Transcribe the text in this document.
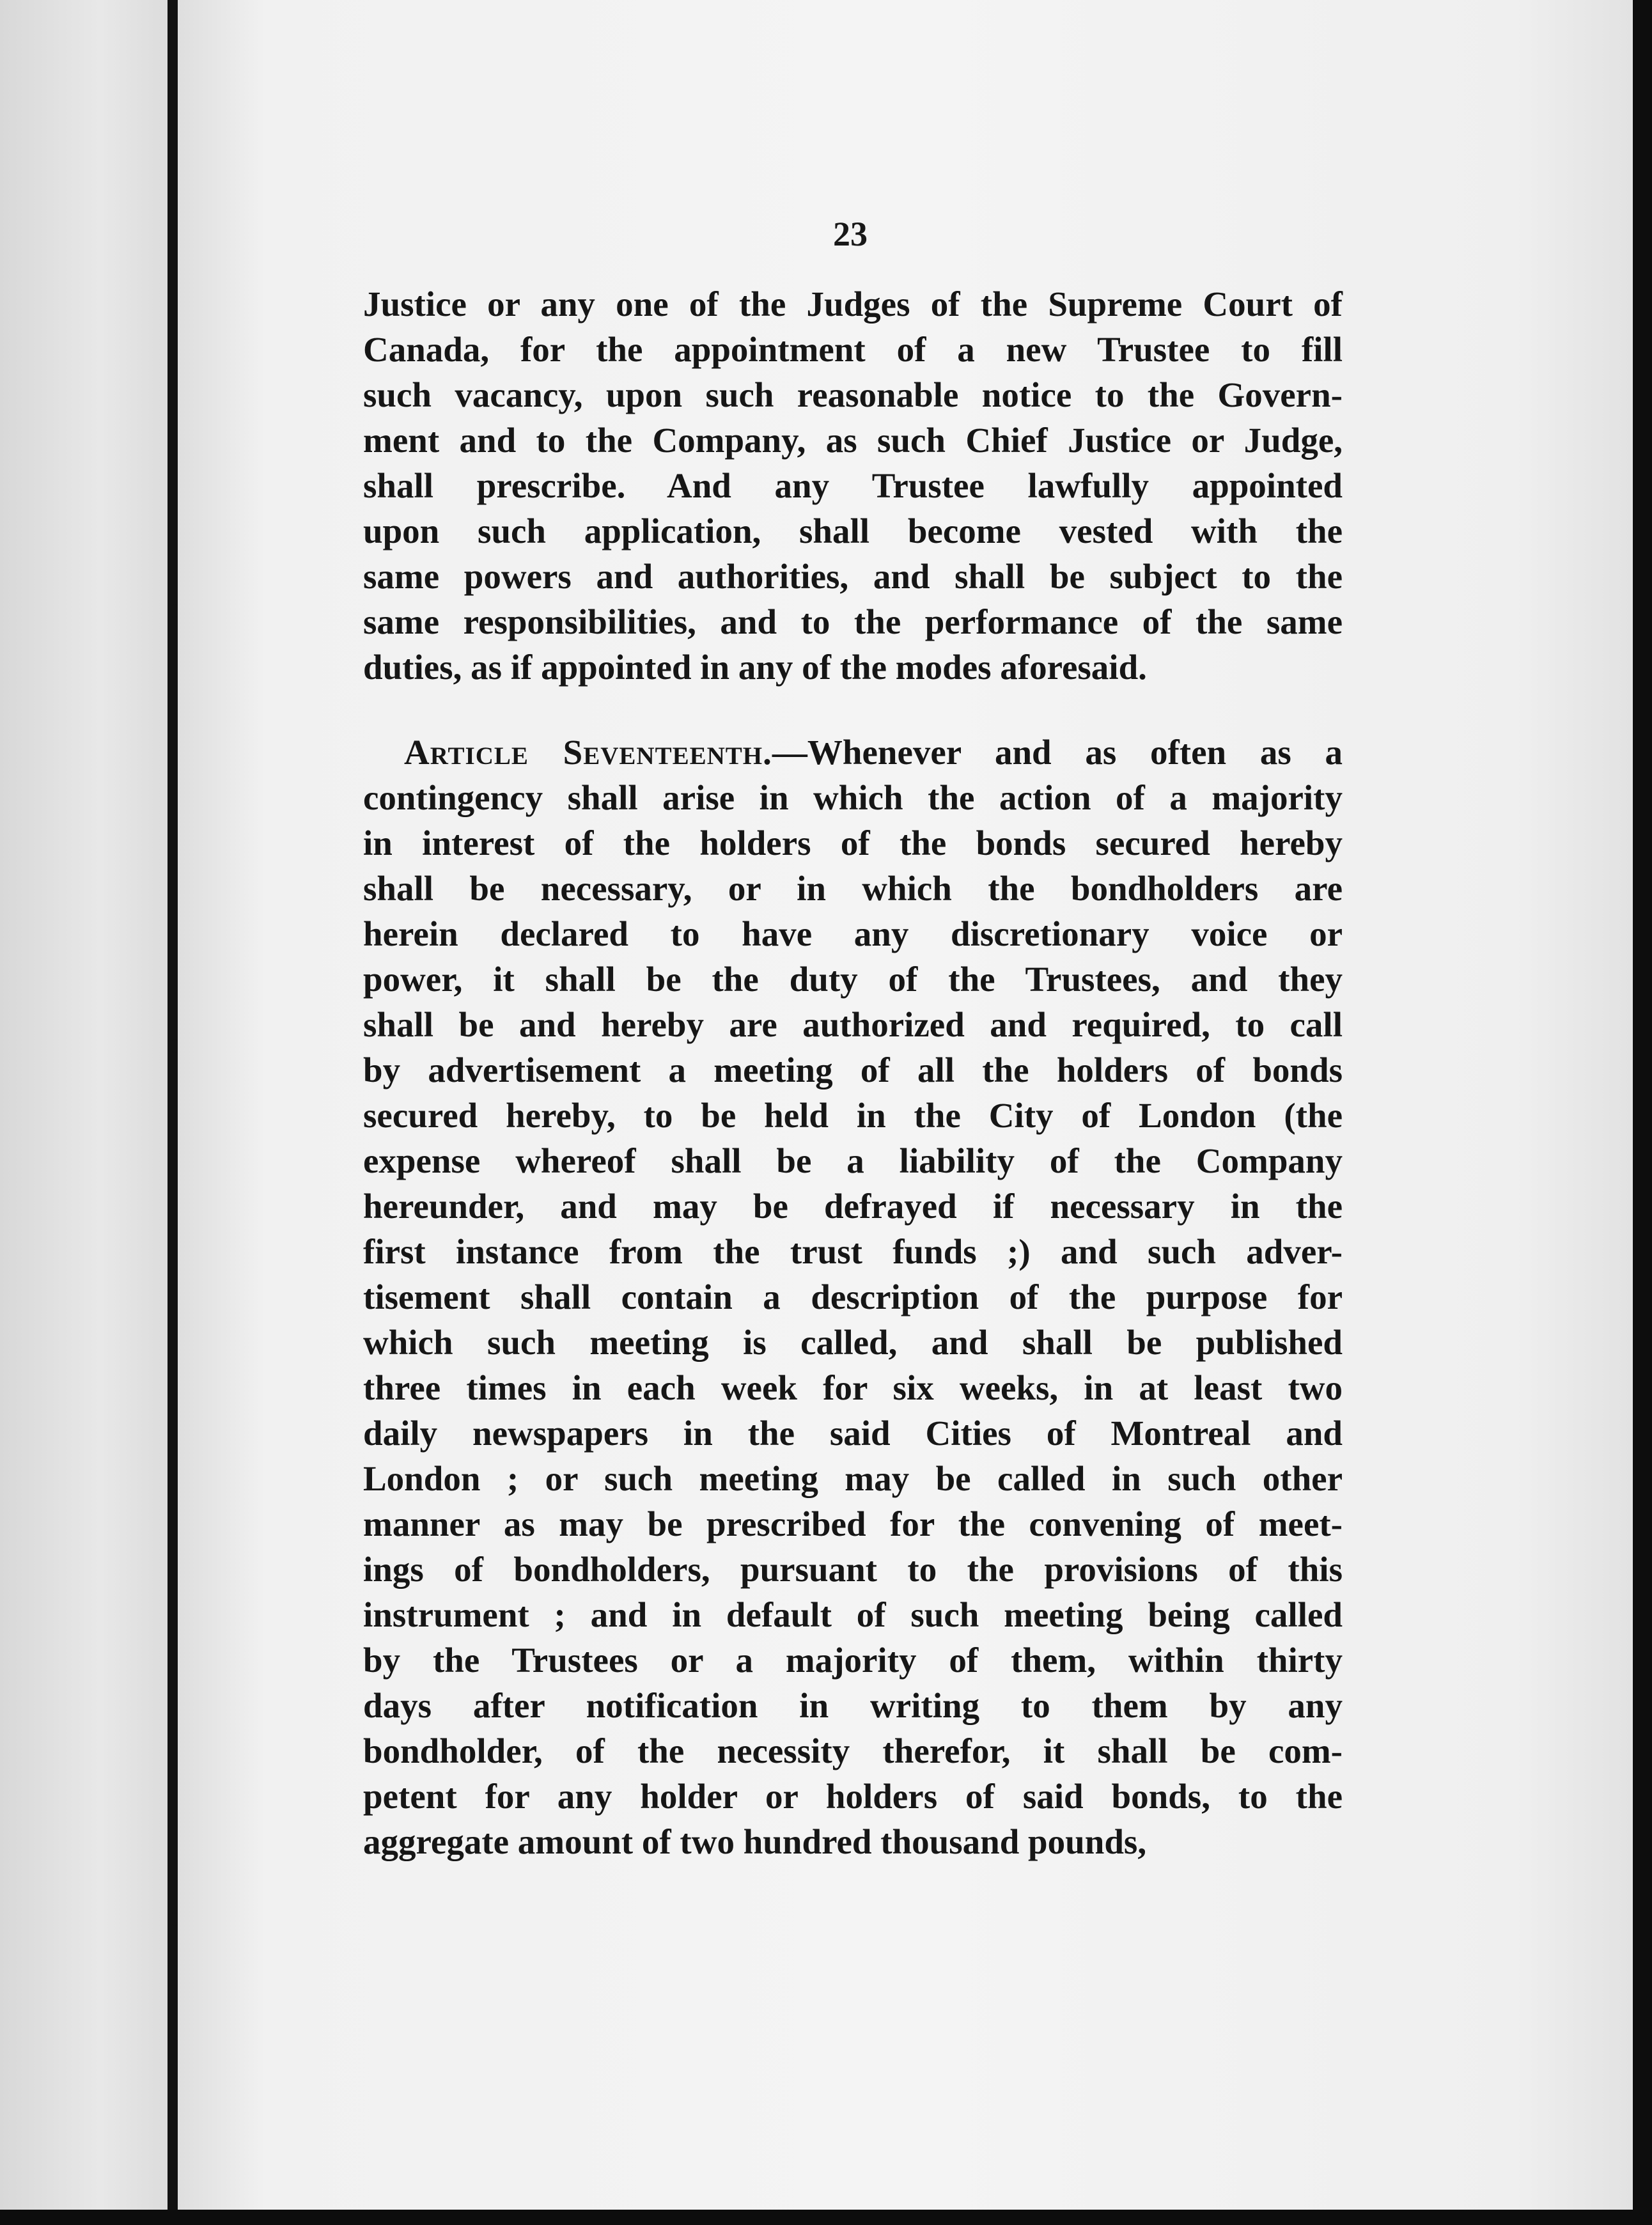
23
Justice or any one of the Judges of the Supreme Court of
Canada, for the appointment of a new Trustee to fill
such vacancy, upon such reasonable notice to the Govern-
ment and to the Company, as such Chief Justice or Judge,
shall prescribe. And any Trustee lawfully appointed
upon such application, shall become vested with the
same powers and authorities, and shall be subject to the
same responsibilities, and to the performance of the same
duties, as if appointed in any of the modes aforesaid.
Article Seventeenth.—Whenever and as often as a
contingency shall arise in which the action of a majority
in interest of the holders of the bonds secured hereby
shall be necessary, or in which the bondholders are
herein declared to have any discretionary voice or
power, it shall be the duty of the Trustees, and they
shall be and hereby are authorized and required, to call
by advertisement a meeting of all the holders of bonds
secured hereby, to be held in the City of London (the
expense whereof shall be a liability of the Company
hereunder, and may be defrayed if necessary in the
first instance from the trust funds ;) and such adver-
tisement shall contain a description of the purpose for
which such meeting is called, and shall be published
three times in each week for six weeks, in at least two
daily newspapers in the said Cities of Montreal and
London ; or such meeting may be called in such other
manner as may be prescribed for the convening of meet-
ings of bondholders, pursuant to the provisions of this
instrument ; and in default of such meeting being called
by the Trustees or a majority of them, within thirty
days after notification in writing to them by any
bondholder, of the necessity therefor, it shall be com-
petent for any holder or holders of said bonds, to the
aggregate amount of two hundred thousand pounds,
